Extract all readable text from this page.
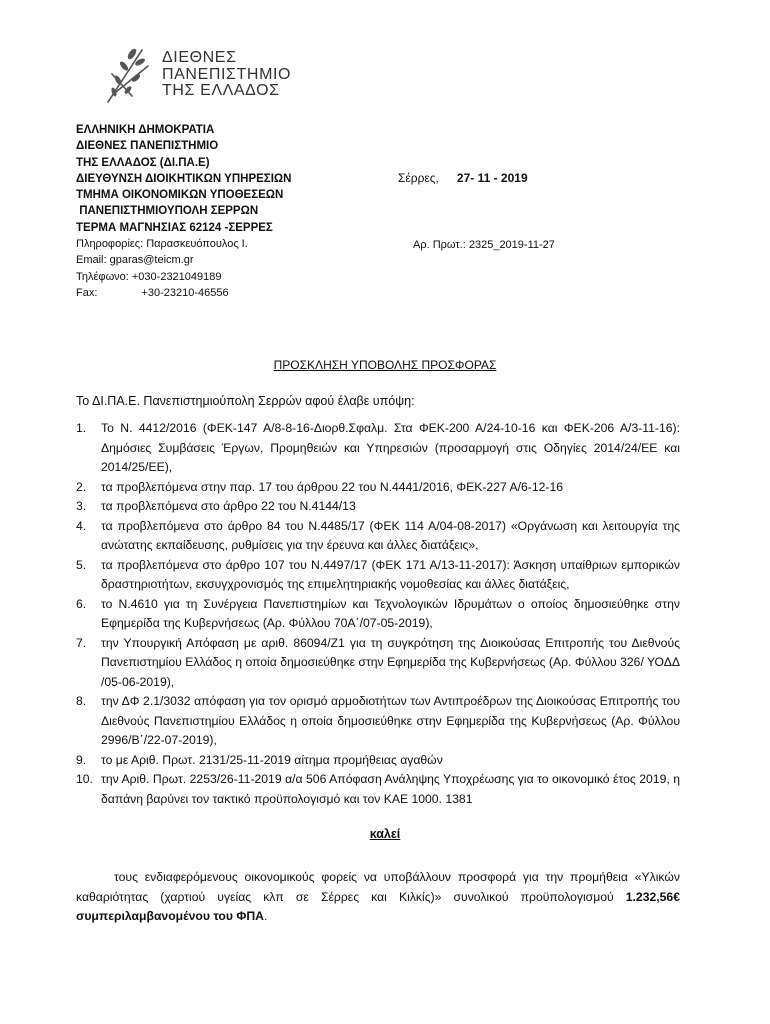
ΔΙΕΘΝΕΣ
ΠΑΝΕΠΙΣΤΗΜΙΟ
ΤΗΣ ΕΛΛΑΔΟΣ
ΕΛΛΗΝΙΚΗ ΔΗΜΟΚΡΑΤΙΑ
ΔΙΕΘΝΕΣ ΠΑΝΕΠΙΣΤΗΜΙΟ
ΤΗΣ ΕΛΛΑΔΟΣ (ΔΙ.ΠΑ.Ε)
ΔΙΕΥΘΥΝΣΗ ΔΙΟΙΚΗΤΙΚΩΝ ΥΠΗΡΕΣΙΩΝ
ΤΜΗΜΑ ΟΙΚΟΝΟΜΙΚΩΝ ΥΠΟΘΕΣΕΩΝ
ΠΑΝΕΠΙΣΤΗΜΙΟΥΠΟΛΗ ΣΕΡΡΩΝ
ΤΕΡΜΑ ΜΑΓΝΗΣΙΑΣ 62124 -ΣΕΡΡΕΣ
Πληροφορίες: Παρασκευόπουλος Ι.
Email: gparas@teicm.gr
Τηλέφωνο: +030-2321049189
Fax:	+30-23210-46556
Σέρρες, 27- 11 - 2019
Αρ. Πρωτ.: 2325_2019-11-27
ΠΡΟΣΚΛΗΣΗ ΥΠΟΒΟΛΗΣ ΠΡΟΣΦΟΡΑΣ
Το ΔΙ.ΠΑ.Ε. Πανεπιστημιούπολη Σερρών αφού έλαβε υπόψη:
1. Το Ν. 4412/2016 (ΦΕΚ-147 Α/8-8-16-Διορθ.Σφαλμ. Στα ΦΕΚ-200 Α/24-10-16 και ΦΕΚ-206 Α/3-11-16): Δημόσιες Συμβάσεις Έργων, Προμηθειών και Υπηρεσιών (προσαρμογή στις Οδηγίες 2014/24/ΕΕ και 2014/25/ΕΕ),
2. τα προβλεπόμενα στην παρ. 17 του άρθρου 22 του Ν.4441/2016, ΦΕΚ-227 Α/6-12-16
3. τα προβλεπόμενα στο άρθρο 22 του Ν.4144/13
4. τα προβλεπόμενα στο άρθρο 84 του Ν.4485/17 (ΦΕΚ 114 Α/04-08-2017) «Οργάνωση και λειτουργία της ανώτατης εκπαίδευσης, ρυθμίσεις για την έρευνα και άλλες διατάξεις»,
5. τα προβλεπόμενα στο άρθρο 107 του Ν.4497/17 (ΦΕΚ 171 Α/13-11-2017): Άσκηση υπαίθριων εμπορικών δραστηριοτήτων, εκσυγχρονισμός της επιμελητηριακής νομοθεσίας και άλλες διατάξεις,
6. το Ν.4610 για τη Συνέργεια Πανεπιστημίων και Τεχνολογικών Ιδρυμάτων ο οποίος δημοσιεύθηκε στην Εφημερίδα της Κυβερνήσεως (Αρ. Φύλλου 70Α΄/07-05-2019),
7. την Υπουργική Απόφαση με αριθ. 86094/Ζ1 για τη συγκρότηση της Διοικούσας Επιτροπής του Διεθνούς Πανεπιστημίου Ελλάδος η οποία δημοσιεύθηκε στην Εφημερίδα της Κυβερνήσεως (Αρ. Φύλλου 326/ ΥΟΔΔ /05-06-2019),
8. την ΔΦ 2.1/3032 απόφαση για τον ορισμό αρμοδιοτήτων των Αντιπροέδρων της Διοικούσας Επιτροπής του Διεθνούς Πανεπιστημίου Ελλάδος η οποία δημοσιεύθηκε στην Εφημερίδα της Κυβερνήσεως (Αρ. Φύλλου 2996/Β΄/22-07-2019),
9. το με Αριθ. Πρωτ. 2131/25-11-2019 αίτημα προμήθειας αγαθών
10. την Αριθ. Πρωτ. 2253/26-11-2019 α/α 506 Απόφαση Ανάληψης Υποχρέωσης για το οικονομικό έτος 2019, η δαπάνη βαρύνει τον τακτικό προϋπολογισμό και τον ΚΑΕ 1000. 1381
καλεί
τους ενδιαφερόμενους οικονομικούς φορείς να υποβάλλουν προσφορά για την προμήθεια «Υλικών καθαριότητας (χαρτιού υγείας κλπ σε Σέρρες και Κιλκίς)» συνολικού προϋπολογισμού 1.232,56€ συμπεριλαμβανομένου του ΦΠΑ.
